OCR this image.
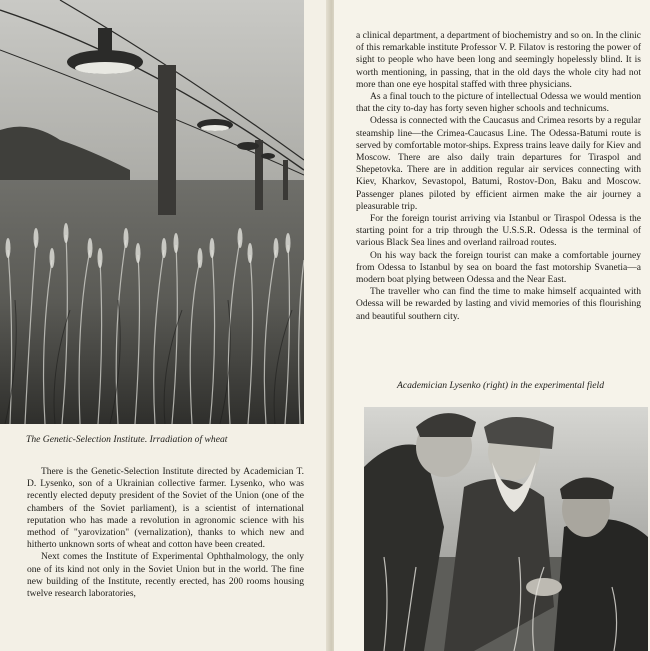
The Genetic-Selection Institute. Irradiation of wheat

There is the Genetic-Selection Institute directed by Academician T. D. Lysenko, son of a Ukrainian collective farmer. Lysenko, who was recently elected deputy president of the Soviet of the Union (one of the chambers of the Soviet parliament), is a scientist of international reputation who has made a revolution in agronomic science with his method of "yarovization" (vernalization), thanks to which new and hitherto unknown sorts of wheat and cotton have been created.

Next comes the Institute of Experimental Ophthalmology, the only one of its kind not only in the Soviet Union but in the world. The fine new building of the Institute, recently erected, has 200 rooms housing twelve research laboratories,

a clinical department, a department of biochemistry and so on. In the clinic of this remarkable institute Professor V. P. Filatov is restoring the power of sight to people who have been long and seemingly hopelessly blind. It is worth mentioning, in passing, that in the old days the whole city had not more than one eye hospital staffed with three physicians.

As a final touch to the picture of intellectual Odessa we would mention that the city to-day has forty seven higher schools and technicums.

Odessa is connected with the Caucasus and Crimea resorts by a regular steamship line—the Crimea-Caucasus Line. The Odessa-Batumi route is served by comfortable motor-ships. Express trains leave daily for Kiev and Moscow. There are also daily train departures for Tiraspol and Shepetovka. There are in addition regular air services connecting with Kiev, Kharkov, Sevastopol, Batumi, Rostov-Don, Baku and Moscow. Passenger planes piloted by efficient airmen make the air journey a pleasurable trip.

For the foreign tourist arriving via Istanbul or Tiraspol Odessa is the starting point for a trip through the U.S.S.R. Odessa is the terminal of various Black Sea lines and overland railroad routes.

On his way back the foreign tourist can make a comfortable journey from Odessa to Istanbul by sea on board the fast motorship Svanetia—a modern boat plying between Odessa and the Near East.

The traveller who can find the time to make himself acquainted with Odessa will be rewarded by lasting and vivid memories of this flourishing and beautiful southern city.

Academician Lysenko (right) in the experimental field
